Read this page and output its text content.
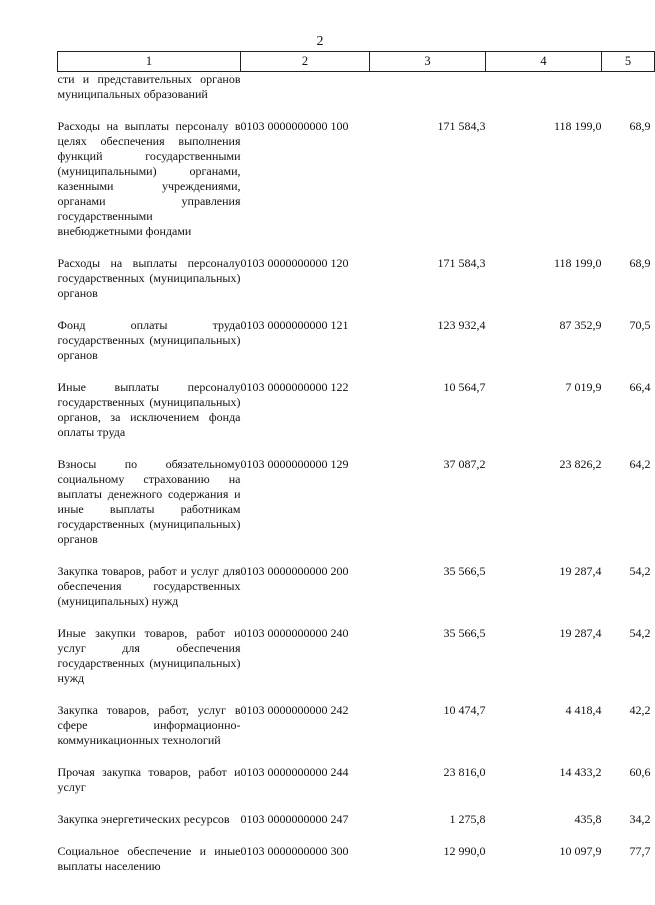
2
1	2	3	4	5
сти и представительных органов муниципальных образований				

Расходы на выплаты персоналу в целях обеспечения выполнения функций государственными (муниципальными) органами, казенными учреждениями, органами управления государственными внебюджетными фондами	0103 0000000000 100	171 584,3	118 199,0	68,9

Расходы на выплаты персоналу государственных (муниципальных) органов	0103 0000000000 120	171 584,3	118 199,0	68,9

Фонд оплаты труда государственных (муниципальных) органов	0103 0000000000 121	123 932,4	87 352,9	70,5

Иные выплаты персоналу государственных (муниципальных) органов, за исключением фонда оплаты труда	0103 0000000000 122	10 564,7	7 019,9	66,4

Взносы по обязательному социальному страхованию на выплаты денежного содержания и иные выплаты работникам государственных (муниципальных) органов	0103 0000000000 129	37 087,2	23 826,2	64,2

Закупка товаров, работ и услуг для обеспечения государственных (муниципальных) нужд	0103 0000000000 200	35 566,5	19 287,4	54,2

Иные закупки товаров, работ и услуг для обеспечения государственных (муниципальных) нужд	0103 0000000000 240	35 566,5	19 287,4	54,2

Закупка товаров, работ, услуг в сфере информационно-коммуникационных технологий	0103 0000000000 242	10 474,7	4 418,4	42,2

Прочая закупка товаров, работ и услуг	0103 0000000000 244	23 816,0	14 433,2	60,6

Закупка энергетических ресурсов	0103 0000000000 247	1 275,8	435,8	34,2

Социальное обеспечение и иные выплаты населению	0103 0000000000 300	12 990,0	10 097,9	77,7
